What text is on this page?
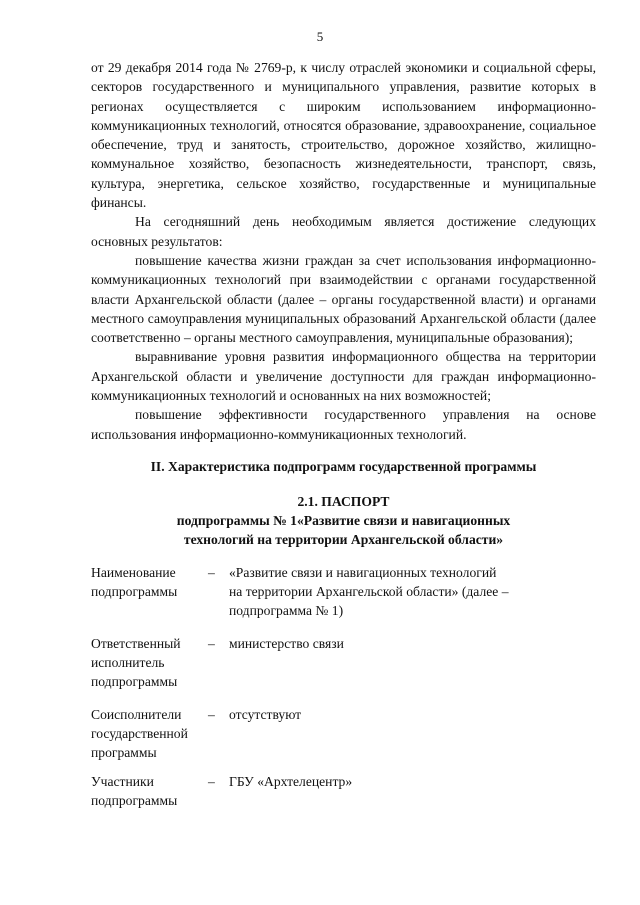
5

от 29 декабря 2014 года № 2769-р, к числу отраслей экономики и социальной сферы, секторов государственного и муниципального управления, развитие которых в регионах осуществляется с широким использованием информационно-коммуникационных технологий, относятся образование, здравоохранение, социальное обеспечение, труд и занятость, строительство, дорожное хозяйство, жилищно-коммунальное хозяйство, безопасность жизнедеятельности, транспорт, связь, культура, энергетика, сельское хозяйство, государственные и муниципальные финансы.

На сегодняшний день необходимым является достижение следующих основных результатов:

повышение качества жизни граждан за счет использования информационно-коммуникационных технологий при взаимодействии с органами государственной власти Архангельской области (далее – органы государственной власти) и органами местного самоуправления муниципальных образований Архангельской области (далее соответственно – органы местного самоуправления, муниципальные образования);

выравнивание уровня развития информационного общества на территории Архангельской области и увеличение доступности для граждан информационно-коммуникационных технологий и основанных на них возможностей;

повышение эффективности государственного управления на основе использования информационно-коммуникационных технологий.

II. Характеристика подпрограмм государственной программы
2.1. ПАСПОРТ
подпрограммы № 1«Развитие связи и навигационных
технологий на территории Архангельской области»
Наименование
подпрограммы
– «Развитие связи и навигационных технологий
на территории Архангельской области» (далее –
подпрограмма № 1)
Ответственный
исполнитель
подпрограммы
– министерство связи
Соисполнители
государственной
программы
– отсутствуют
Участники
подпрограммы
– ГБУ «Архтелецентр»
